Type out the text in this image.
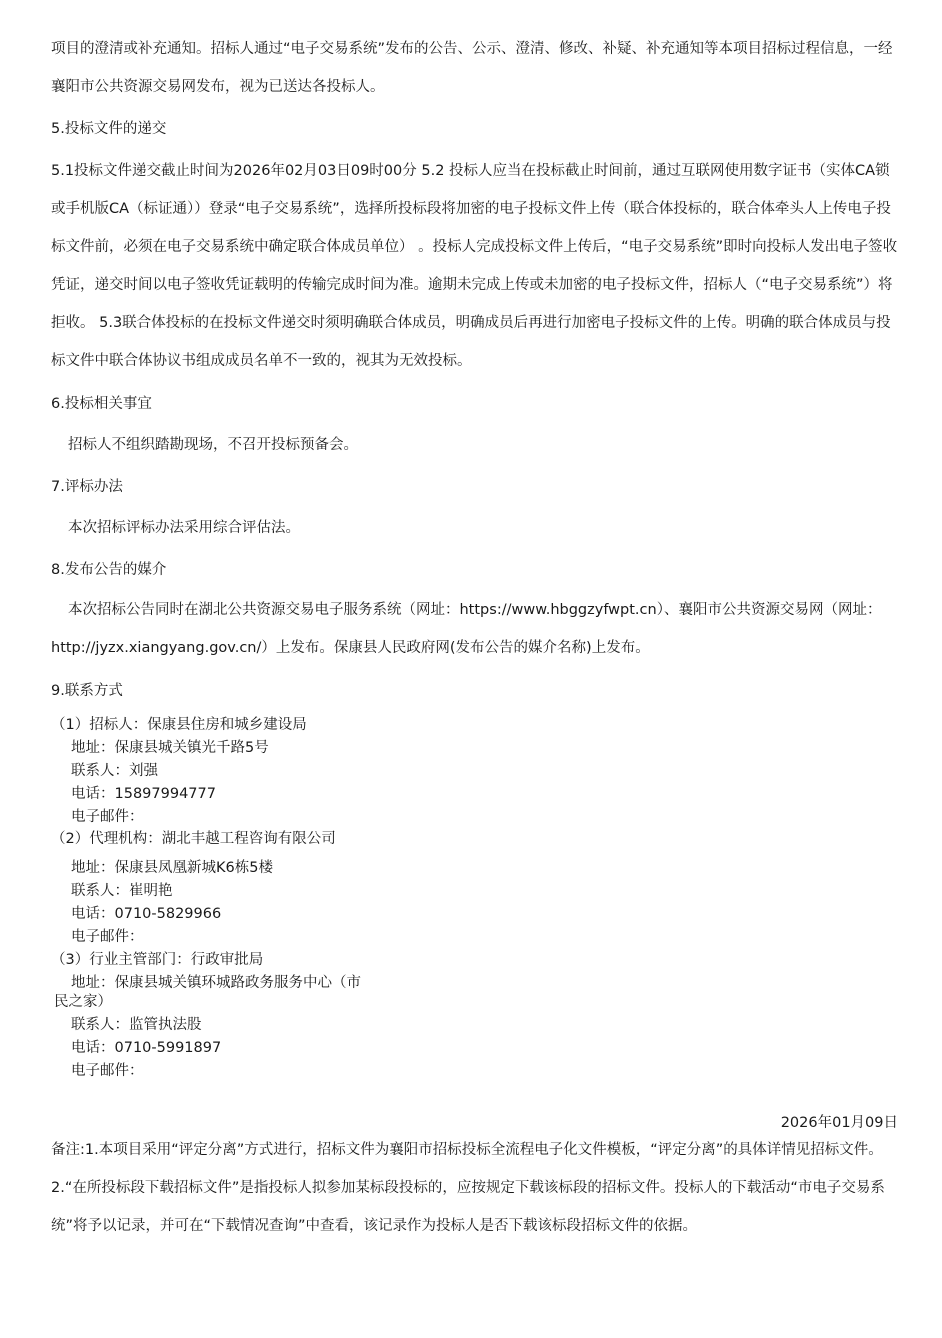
项目的澄清或补充通知。招标人通过“电子交易系统”发布的公告、公示、澄清、修改、补疑、补充通知等本项目招标过程信息，一经襄阳市公共资源交易网发布，视为已送达各投标人。

5.投标文件的递交

5.1投标文件递交截止时间为2026年02月03日09时00分 5.2 投标人应当在投标截止时间前，通过互联网使用数字证书（实体CA锁或手机版CA（标证通））登录“电子交易系统”，选择所投标段将加密的电子投标文件上传（联合体投标的，联合体牵头人上传电子投标文件前，必须在电子交易系统中确定联合体成员单位） 。投标人完成投标文件上传后，“电子交易系统”即时向投标人发出电子签收凭证，递交时间以电子签收凭证载明的传输完成时间为准。逾期未完成上传或未加密的电子投标文件，招标人（“电子交易系统”）将拒收。 5.3联合体投标的在投标文件递交时须明确联合体成员，明确成员后再进行加密电子投标文件的上传。明确的联合体成员与投标文件中联合体协议书组成成员名单不一致的，视其为无效投标。

6.投标相关事宜

招标人不组织踏勘现场，不召开投标预备会。

7.评标办法

本次招标评标办法采用综合评估法。

8.发布公告的媒介

本次招标公告同时在湖北公共资源交易电子服务系统（网址：https://www.hbggzyfwpt.cn）、襄阳市公共资源交易网（网址：http://jyzx.xiangyang.gov.cn/）上发布。保康县人民政府网(发布公告的媒介名称)上发布。

9.联系方式

（1）招标人：保康县住房和城乡建设局

地址：保康县城关镇光千路5号

联系人：刘强

电话：15897994777

电子邮件：

（2）代理机构：湖北丰越工程咨询有限公司

地址：保康县凤凰新城K6栋5楼

联系人：崔明艳

电话：0710-5829966

电子邮件：

（3）行业主管部门：行政审批局

地址：保康县城关镇环城路政务服务中心（市

民之家）

联系人：监管执法股

电话：0710-5991897

电子邮件：

2026年01月09日

备注:1.本项目采用“评定分离”方式进行，招标文件为襄阳市招标投标全流程电子化文件模板，“评定分离”的具体详情见招标文件。 2.“在所投标段下载招标文件”是指投标人拟参加某标段投标的，应按规定下载该标段的招标文件。投标人的下载活动“市电子交易系统”将予以记录，并可在“下载情况查询”中查看，该记录作为投标人是否下载该标段招标文件的依据。
